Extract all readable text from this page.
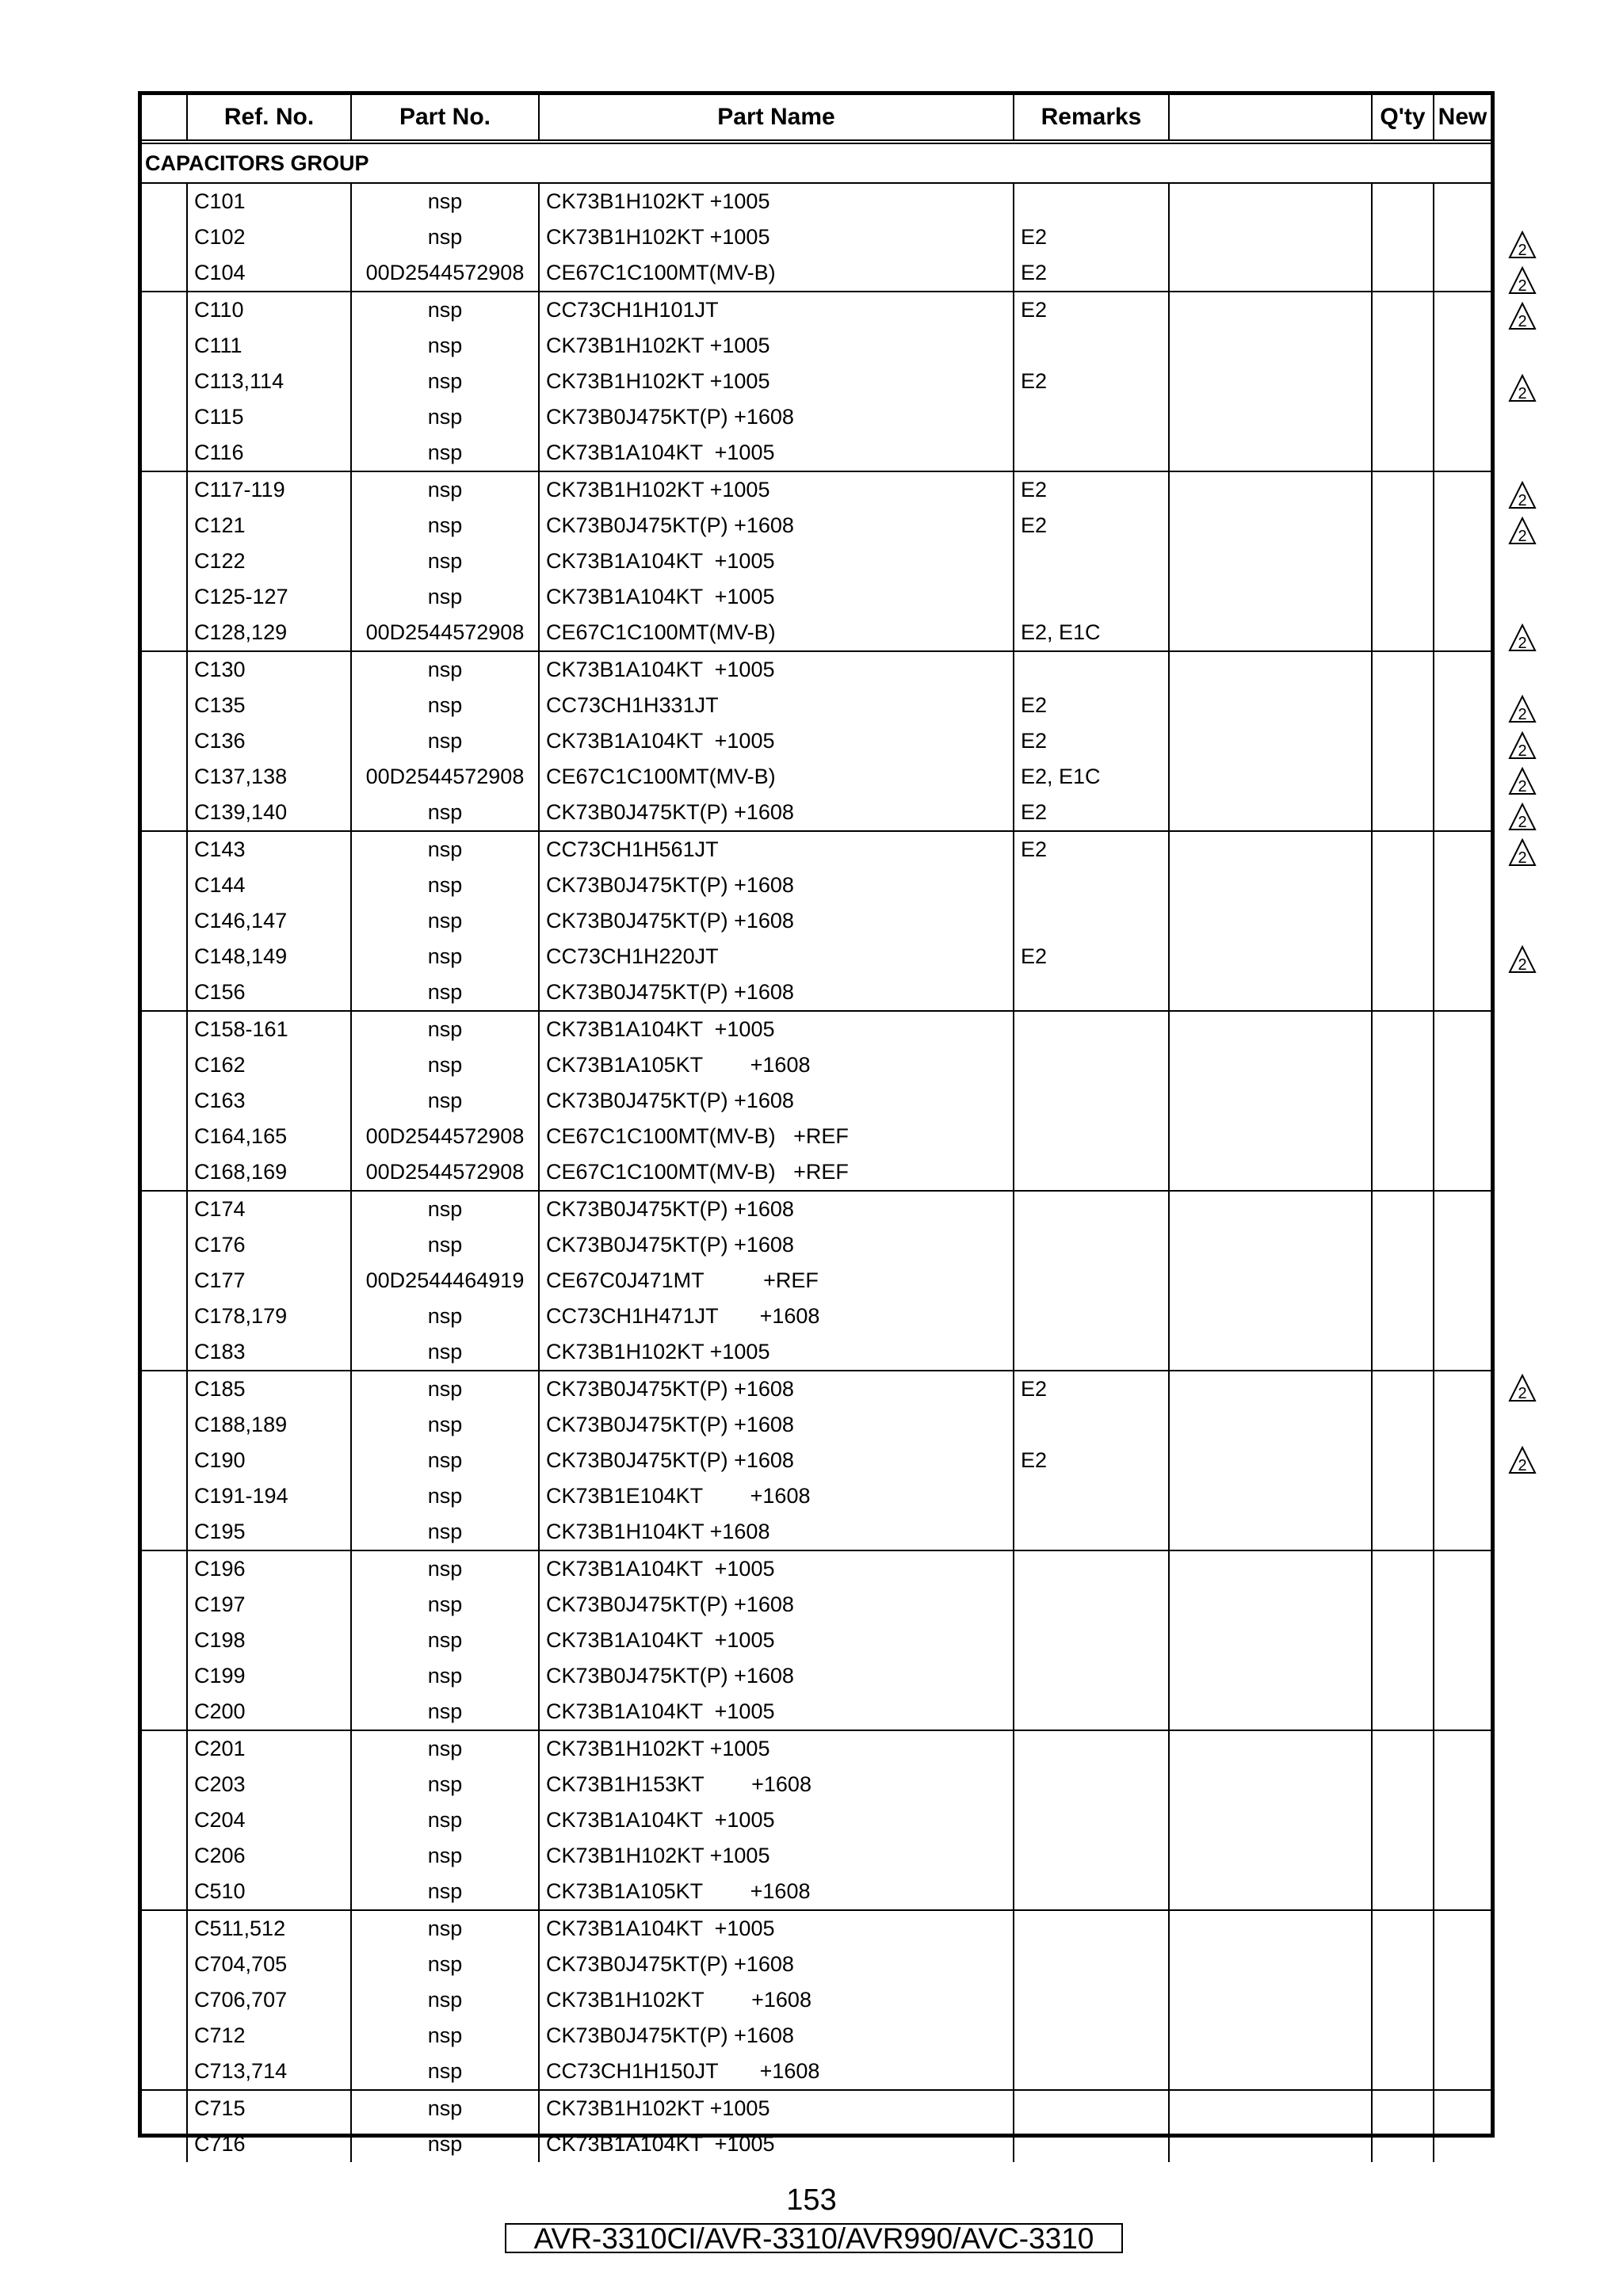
	Ref. No.	Part No.	Part Name	Remarks		Q'ty	New
CAPACITORS GROUP							
	C101	nsp	CK73B1H102KT +1005				
	C102	nsp	CK73B1H102KT +1005	E2			
	C104	00D2544572908	CE67C1C100MT(MV-B)	E2			
	C110	nsp	CC73CH1H101JT	E2			
	C111	nsp	CK73B1H102KT +1005				
	C113,114	nsp	CK73B1H102KT +1005	E2			
	C115	nsp	CK73B0J475KT(P) +1608				
	C116	nsp	CK73B1A104KT  +1005				
	C117-119	nsp	CK73B1H102KT +1005	E2			
	C121	nsp	CK73B0J475KT(P) +1608	E2			
	C122	nsp	CK73B1A104KT  +1005				
	C125-127	nsp	CK73B1A104KT  +1005				
	C128,129	00D2544572908	CE67C1C100MT(MV-B)	E2, E1C			
	C130	nsp	CK73B1A104KT  +1005				
	C135	nsp	CC73CH1H331JT	E2			
	C136	nsp	CK73B1A104KT  +1005	E2			
	C137,138	00D2544572908	CE67C1C100MT(MV-B)	E2, E1C			
	C139,140	nsp	CK73B0J475KT(P) +1608	E2			
	C143	nsp	CC73CH1H561JT	E2			
	C144	nsp	CK73B0J475KT(P) +1608				
	C146,147	nsp	CK73B0J475KT(P) +1608				
	C148,149	nsp	CC73CH1H220JT	E2			
	C156	nsp	CK73B0J475KT(P) +1608				
	C158-161	nsp	CK73B1A104KT  +1005				
	C162	nsp	CK73B1A105KT        +1608				
	C163	nsp	CK73B0J475KT(P) +1608				
	C164,165	00D2544572908	CE67C1C100MT(MV-B)   +REF				
	C168,169	00D2544572908	CE67C1C100MT(MV-B)   +REF				
	C174	nsp	CK73B0J475KT(P) +1608				
	C176	nsp	CK73B0J475KT(P) +1608				
	C177	00D2544464919	CE67C0J471MT          +REF				
	C178,179	nsp	CC73CH1H471JT       +1608				
	C183	nsp	CK73B1H102KT +1005				
	C185	nsp	CK73B0J475KT(P) +1608	E2			
	C188,189	nsp	CK73B0J475KT(P) +1608				
	C190	nsp	CK73B0J475KT(P) +1608	E2			
	C191-194	nsp	CK73B1E104KT        +1608				
	C195	nsp	CK73B1H104KT +1608				
	C196	nsp	CK73B1A104KT  +1005				
	C197	nsp	CK73B0J475KT(P) +1608				
	C198	nsp	CK73B1A104KT  +1005				
	C199	nsp	CK73B0J475KT(P) +1608				
	C200	nsp	CK73B1A104KT  +1005				
	C201	nsp	CK73B1H102KT +1005				
	C203	nsp	CK73B1H153KT        +1608				
	C204	nsp	CK73B1A104KT  +1005				
	C206	nsp	CK73B1H102KT +1005				
	C510	nsp	CK73B1A105KT        +1608				
	C511,512	nsp	CK73B1A104KT  +1005				
	C704,705	nsp	CK73B0J475KT(P) +1608				
	C706,707	nsp	CK73B1H102KT        +1608				
	C712	nsp	CK73B0J475KT(P) +1608				
	C713,714	nsp	CC73CH1H150JT       +1608				
	C715	nsp	CK73B1H102KT +1005				
	C716	nsp	CK73B1A104KT  +1005				
2
2
2
2
2
2
2
2
2
2
2
2
2
2
2
153
AVR-3310CI/AVR-3310/AVR990/AVC-3310
